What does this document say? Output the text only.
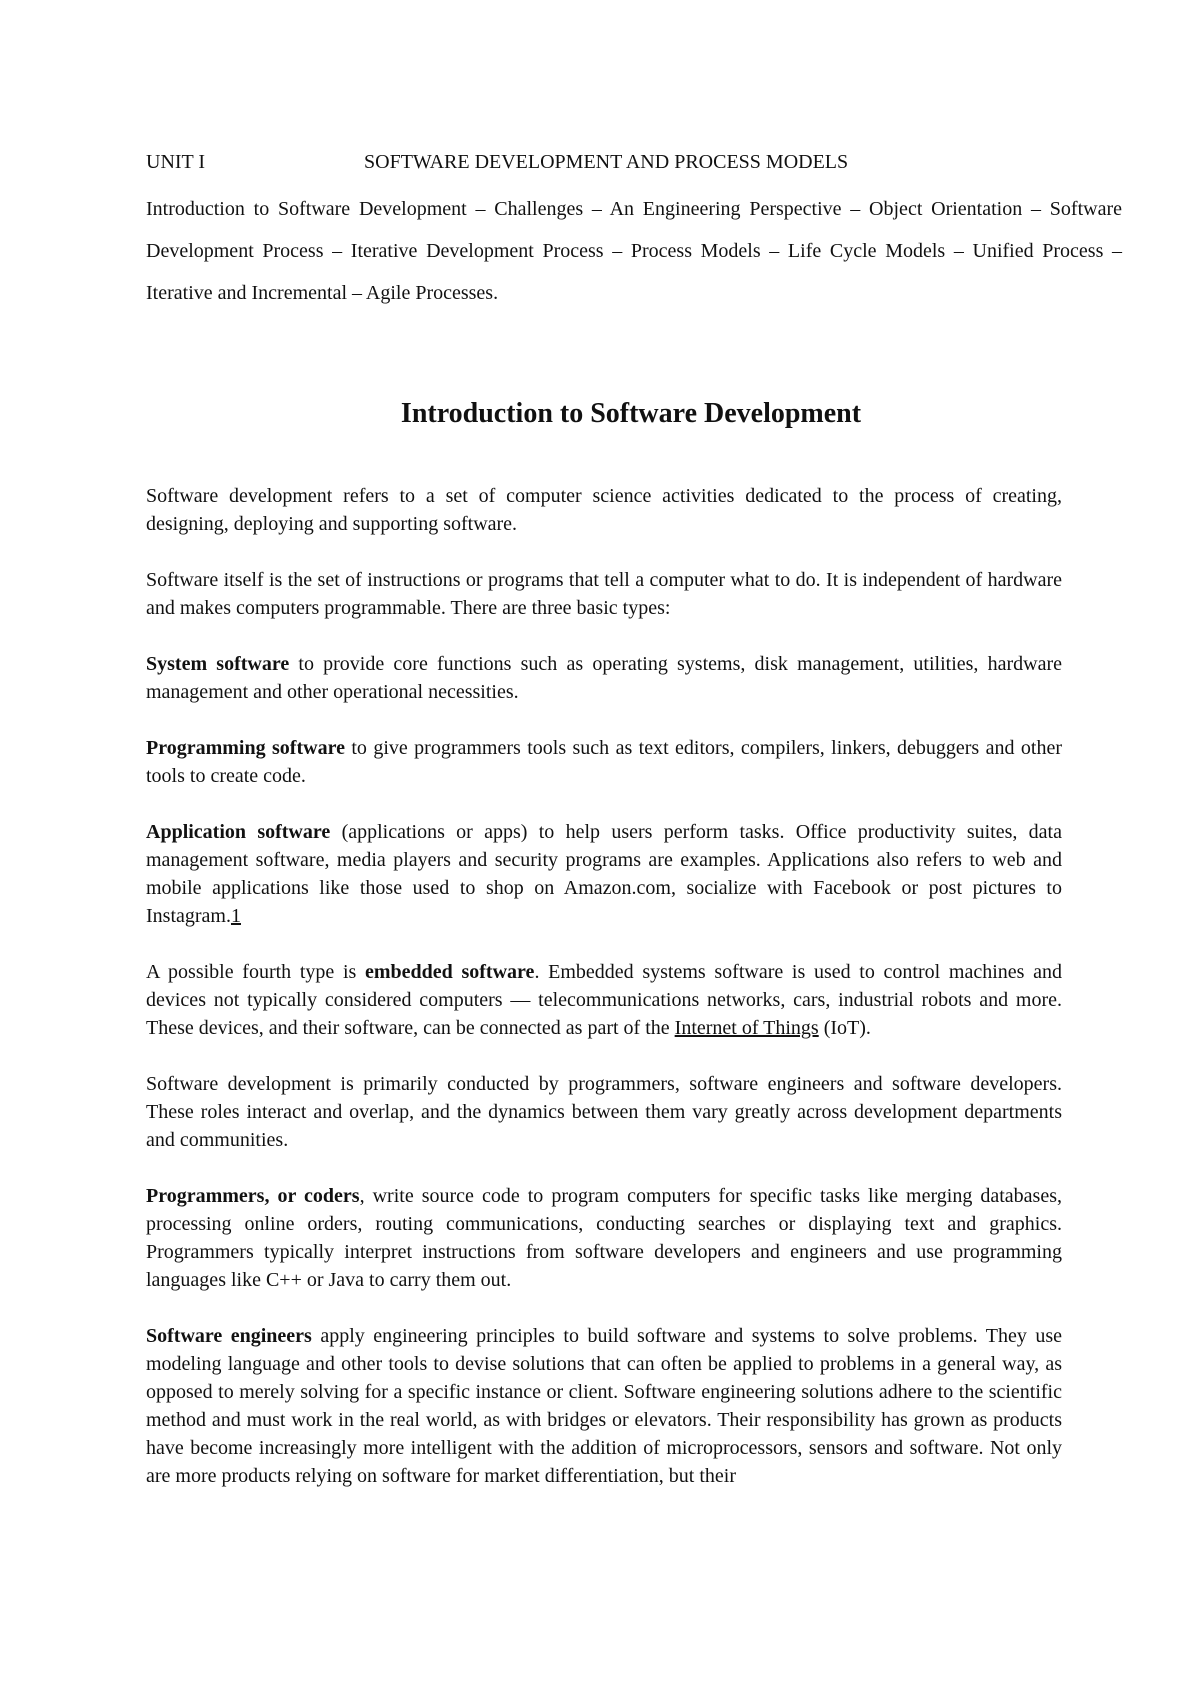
UNIT I	SOFTWARE DEVELOPMENT AND PROCESS MODELS
Introduction to Software Development – Challenges – An Engineering Perspective – Object Orientation – Software Development Process – Iterative Development Process – Process Models – Life Cycle Models – Unified Process – Iterative and Incremental – Agile Processes.
Introduction to Software Development

Software development refers to a set of computer science activities dedicated to the process of creating, designing, deploying and supporting software.

Software itself is the set of instructions or programs that tell a computer what to do. It is independent of hardware and makes computers programmable. There are three basic types:

System software to provide core functions such as operating systems, disk management, utilities, hardware management and other operational necessities.

Programming software to give programmers tools such as text editors, compilers, linkers, debuggers and other tools to create code.

Application software (applications or apps) to help users perform tasks. Office productivity suites, data management software, media players and security programs are examples. Applications also refers to web and mobile applications like those used to shop on Amazon.com, socialize with Facebook or post pictures to Instagram.1

A possible fourth type is embedded software. Embedded systems software is used to control machines and devices not typically considered computers — telecommunications networks, cars, industrial robots and more. These devices, and their software, can be connected as part of the Internet of Things (IoT).

Software development is primarily conducted by programmers, software engineers and software developers. These roles interact and overlap, and the dynamics between them vary greatly across development departments and communities.

Programmers, or coders, write source code to program computers for specific tasks like merging databases, processing online orders, routing communications, conducting searches or displaying text and graphics. Programmers typically interpret instructions from software developers and engineers and use programming languages like C++ or Java to carry them out.

Software engineers apply engineering principles to build software and systems to solve problems. They use modeling language and other tools to devise solutions that can often be applied to problems in a general way, as opposed to merely solving for a specific instance or client. Software engineering solutions adhere to the scientific method and must work in the real world, as with bridges or elevators. Their responsibility has grown as products have become increasingly more intelligent with the addition of microprocessors, sensors and software. Not only are more products relying on software for market differentiation, but their
